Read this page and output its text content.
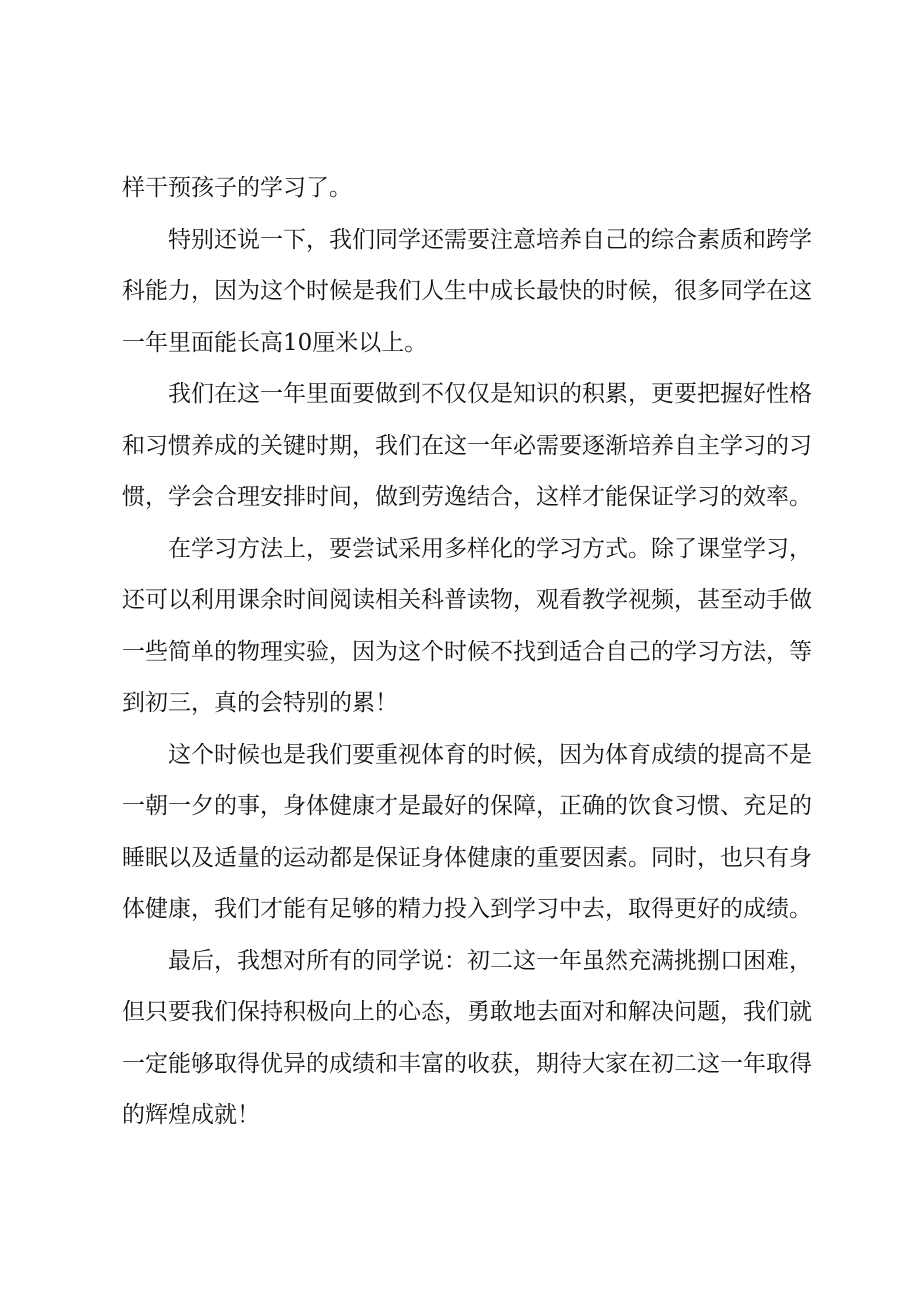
样干预孩子的学习了。

特别还说一下，我们同学还需要注意培养自己的综合素质和跨学科能力，因为这个时候是我们人生中成长最快的时候，很多同学在这一年里面能长高10厘米以上。

我们在这一年里面要做到不仅仅是知识的积累，更要把握好性格和习惯养成的关键时期，我们在这一年必需要逐渐培养自主学习的习惯，学会合理安排时间，做到劳逸结合，这样才能保证学习的效率。

在学习方法上，要尝试采用多样化的学习方式。除了课堂学习，还可以利用课余时间阅读相关科普读物，观看教学视频，甚至动手做一些简单的物理实验，因为这个时候不找到适合自己的学习方法，等到初三，真的会特别的累！

这个时候也是我们要重视体育的时候，因为体育成绩的提高不是一朝一夕的事，身体健康才是最好的保障，正确的饮食习惯、充足的睡眠以及适量的运动都是保证身体健康的重要因素。同时，也只有身体健康，我们才能有足够的精力投入到学习中去，取得更好的成绩。

最后，我想对所有的同学说：初二这一年虽然充满挑捌口困难，但只要我们保持积极向上的心态，勇敢地去面对和解决问题，我们就一定能够取得优异的成绩和丰富的收获，期待大家在初二这一年取得的辉煌成就！
